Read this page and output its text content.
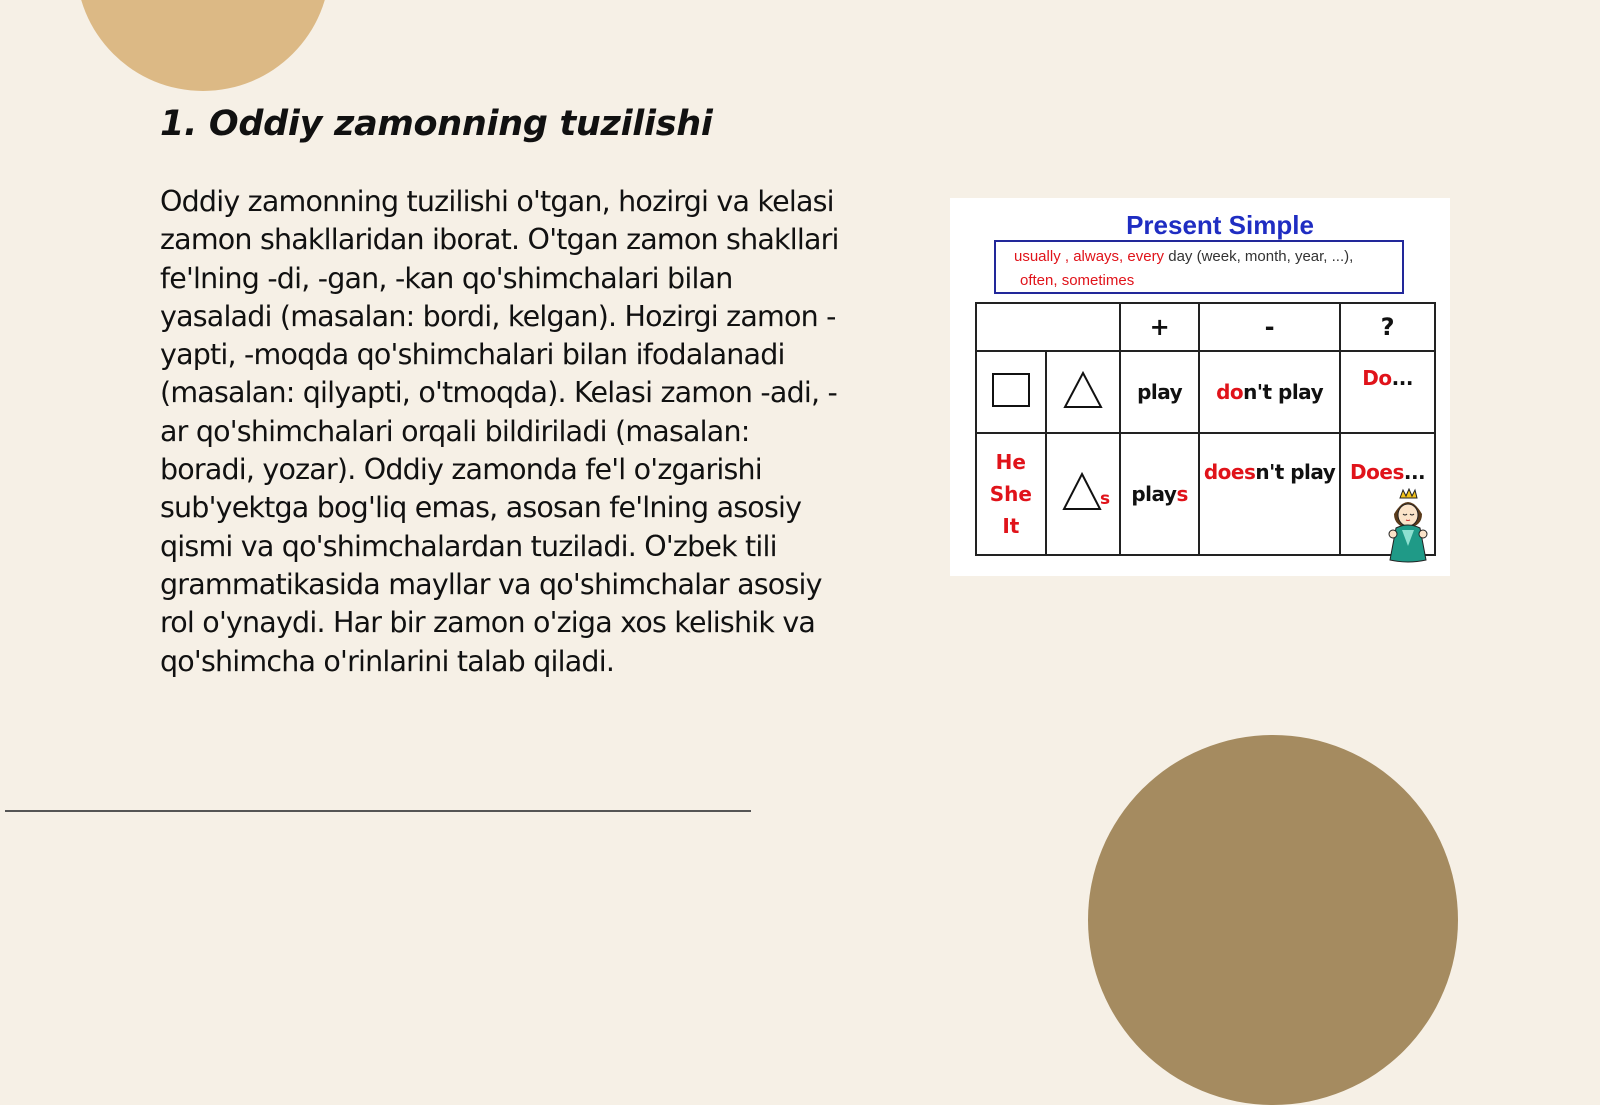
1. Oddiy zamonning tuzilishi

Oddiy zamonning tuzilishi o'tgan, hozirgi va kelasi zamon shakllaridan iborat. O'tgan zamon shakllari fe'lning -di, -gan, -kan qo'shimchalari bilan yasaladi (masalan: bordi, kelgan). Hozirgi zamon -yapti, -moqda qo'shimchalari bilan ifodalanadi (masalan: qilyapti, o'tmoqda). Kelasi zamon -adi, -ar qo'shimchalari orqali bildiriladi (masalan: boradi, yozar). Oddiy zamonda fe'l o'zgarishi sub'yektga bog'liq emas, asosan fe'lning asosiy qismi va qo'shimchalardan tuziladi. O'zbek tili grammatikasida mayllar va qo'shimchalar asosiy rol o'ynaydi. Har bir zamon o'ziga xos kelishik va qo'shimcha o'rinlarini talab qiladi.

Present Simple
usually , always, every day (week, month, year, ...),
often, sometimes
		+	-	?
		play	don't play	Do...

He
She
It	s	plays	doesn't play	Does...
